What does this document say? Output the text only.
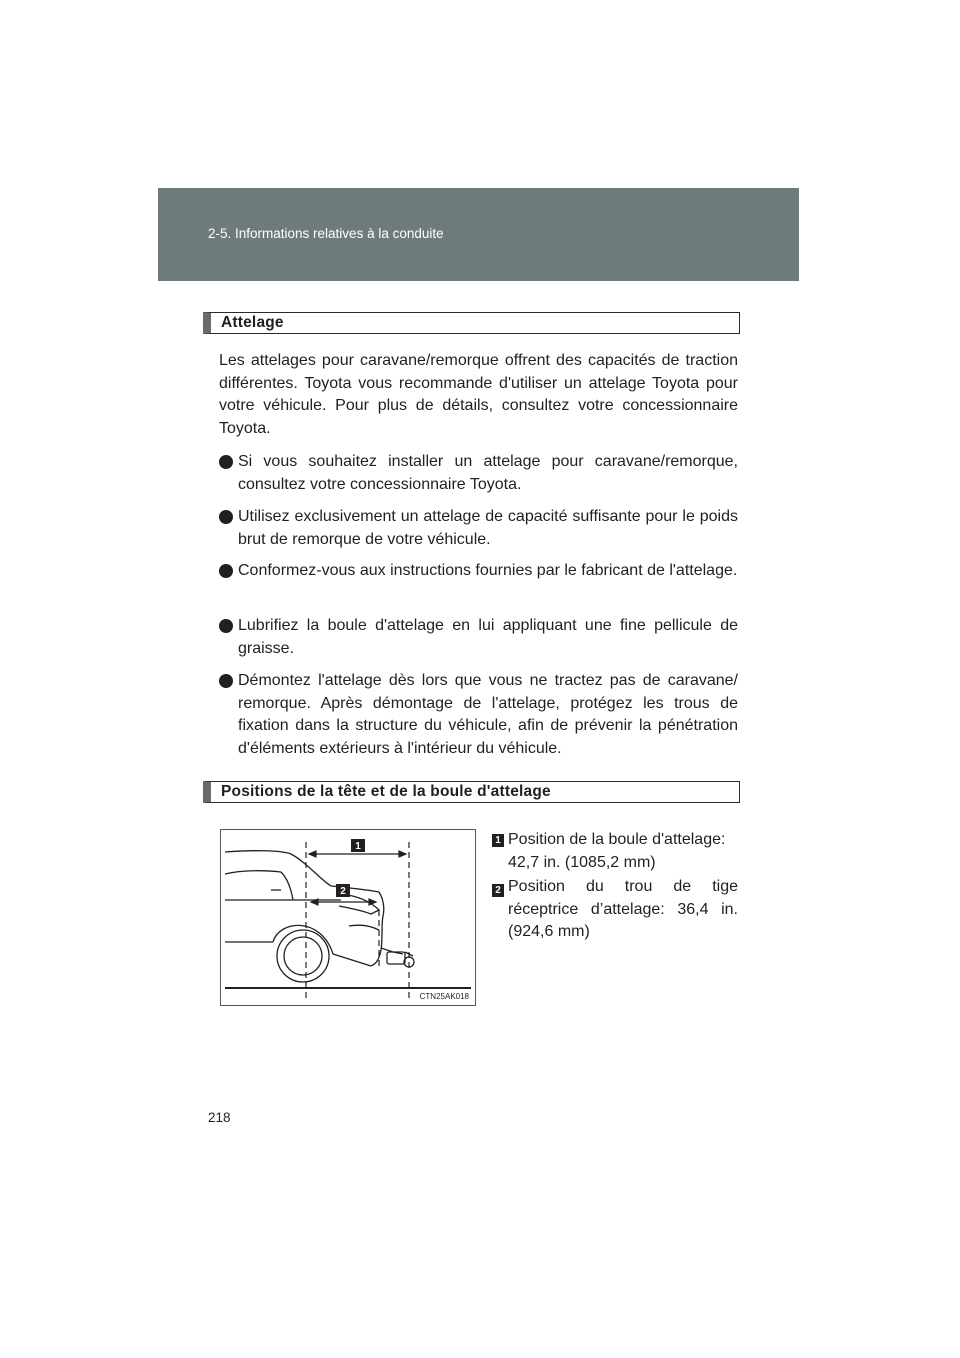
2-5. Informations relatives à la conduite
Attelage

Les attelages pour caravane/remorque offrent des capacités de traction différentes. Toyota vous recommande d'utiliser un attelage Toyota pour votre véhicule. Pour plus de détails, consultez votre concessionnaire Toyota.

Si vous souhaitez installer un attelage pour caravane/remorque, consultez votre concessionnaire Toyota.
Utilisez exclusivement un attelage de capacité suffisante pour le poids brut de remorque de votre véhicule.
Conformez-vous aux instructions fournies par le fabricant de l'attelage.
Lubrifiez la boule d'attelage en lui appliquant une fine pellicule de graisse.
Démontez l'attelage dès lors que vous ne tractez pas de caravane/ remorque. Après démontage de l'attelage, protégez les trous de fixation dans la structure du véhicule, afin de prévenir la pénétration d'éléments extérieurs à l'intérieur du véhicule.
Positions de la tête et de la boule d'attelage
1
2
CTN25AK018
1 Position de la boule d'attelage: 42,7 in. (1085,2 mm)
2 Position du trou de tige réceptrice d’attelage: 36,4 in. (924,6 mm)
218
